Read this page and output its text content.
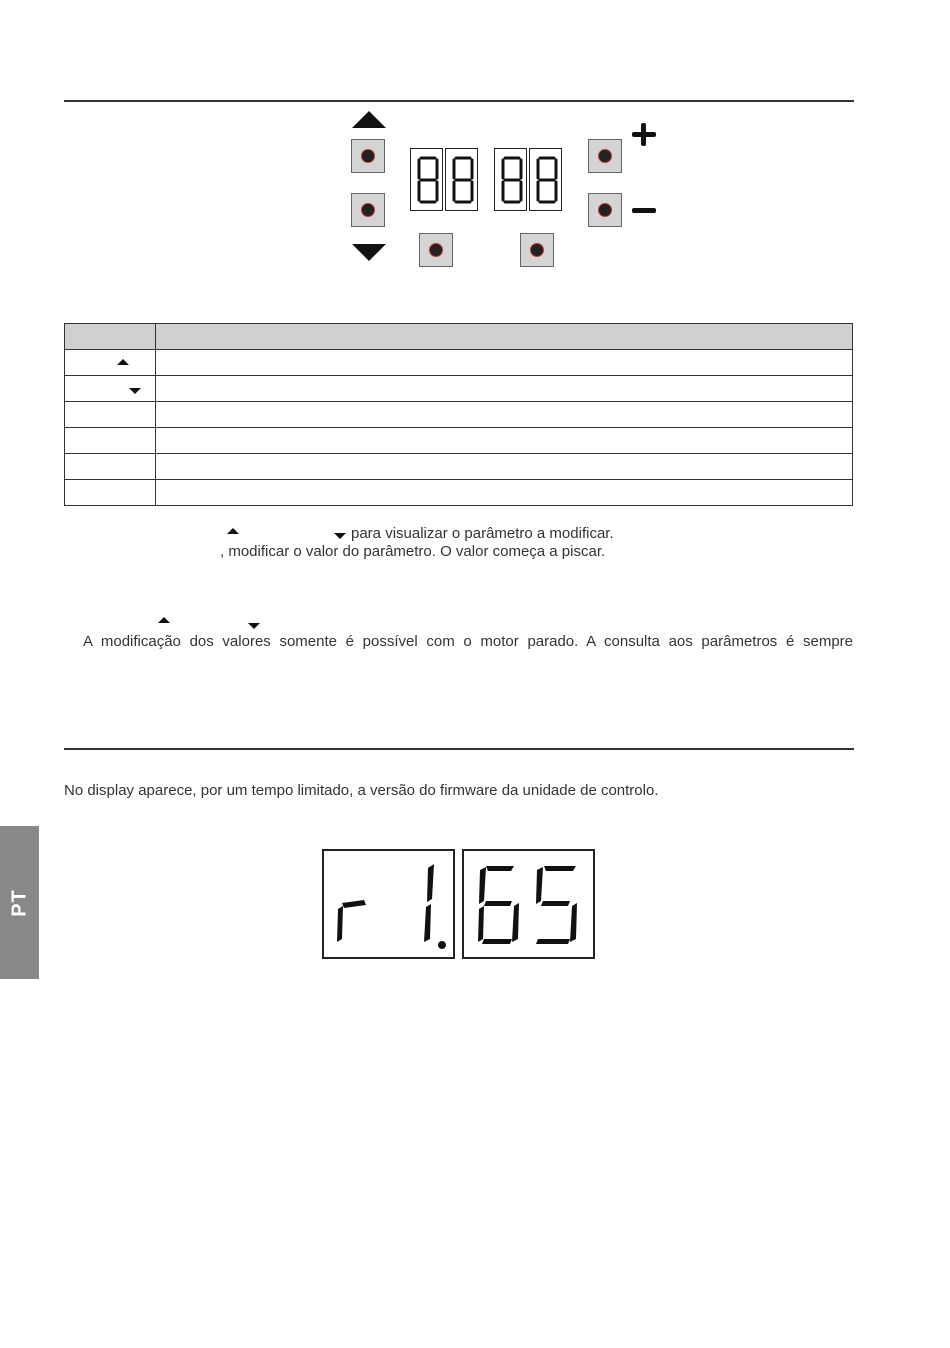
para visualizar o parâmetro a modificar.
, modificar o valor do parâmetro. O valor começa a piscar.
A modificação dos valores somente é possível com o motor parado. A consulta aos parâmetros é sempre
No display aparece, por um tempo limitado, a versão do firmware da unidade de controlo.
PT
